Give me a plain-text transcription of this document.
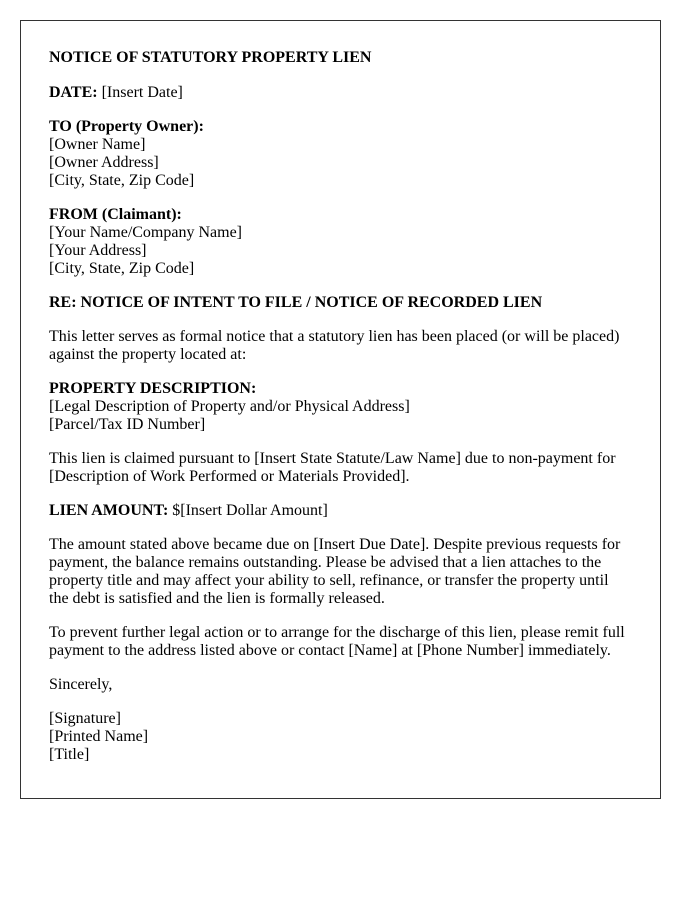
NOTICE OF STATUTORY PROPERTY LIEN

DATE: [Insert Date]

TO (Property Owner):
[Owner Name]
[Owner Address]
[City, State, Zip Code]

FROM (Claimant):
[Your Name/Company Name]
[Your Address]
[City, State, Zip Code]

RE: NOTICE OF INTENT TO FILE / NOTICE OF RECORDED LIEN

This letter serves as formal notice that a statutory lien has been placed (or will be placed) against the property located at:

PROPERTY DESCRIPTION:
[Legal Description of Property and/or Physical Address]
[Parcel/Tax ID Number]

This lien is claimed pursuant to [Insert State Statute/Law Name] due to non-payment for [Description of Work Performed or Materials Provided].

LIEN AMOUNT: $[Insert Dollar Amount]

The amount stated above became due on [Insert Due Date]. Despite previous requests for payment, the balance remains outstanding. Please be advised that a lien attaches to the property title and may affect your ability to sell, refinance, or transfer the property until the debt is satisfied and the lien is formally released.

To prevent further legal action or to arrange for the discharge of this lien, please remit full payment to the address listed above or contact [Name] at [Phone Number] immediately.

Sincerely,

[Signature]
[Printed Name]
[Title]
